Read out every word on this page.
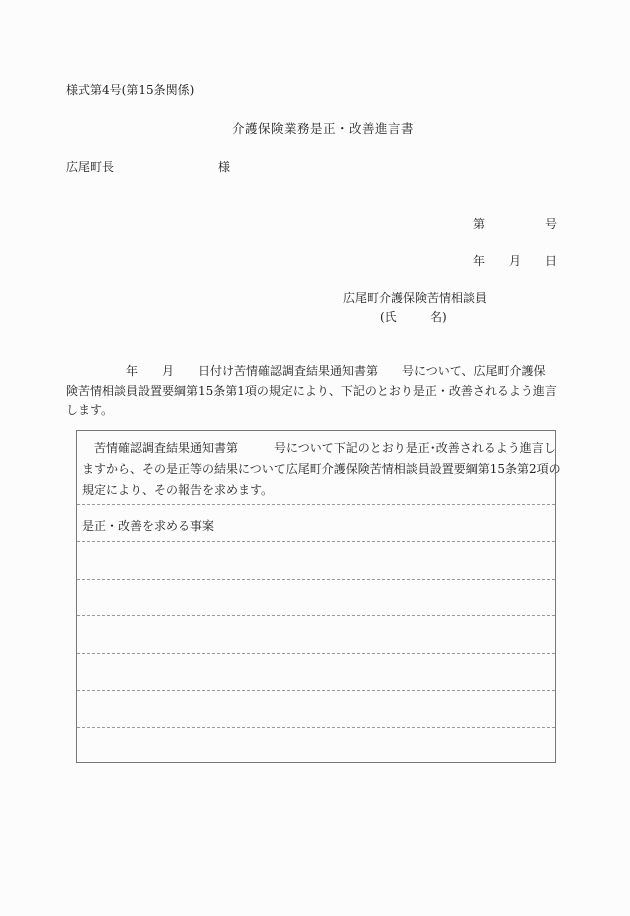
様式第4号(第15条関係)
介護保険業務是正・改善進言書
広尾町長	様
第	号
年 月 日
広尾町介護保険苦情相談員
(氏	名)
　　　　　年　　月　　日付け苦情確認調査結果通知書第　　号について、広尾町介護保
険苦情相談員設置要綱第15条第1項の規定により、下記のとおり是正・改善されるよう進言
します。
　苦情確認調査結果通知書第　　　号について下記のとおり是正･改善されるよう進言し
ますから、その是正等の結果について広尾町介護保険苦情相談員設置要綱第15条第2項の
規定により、その報告を求めます。
是正・改善を求める事案
